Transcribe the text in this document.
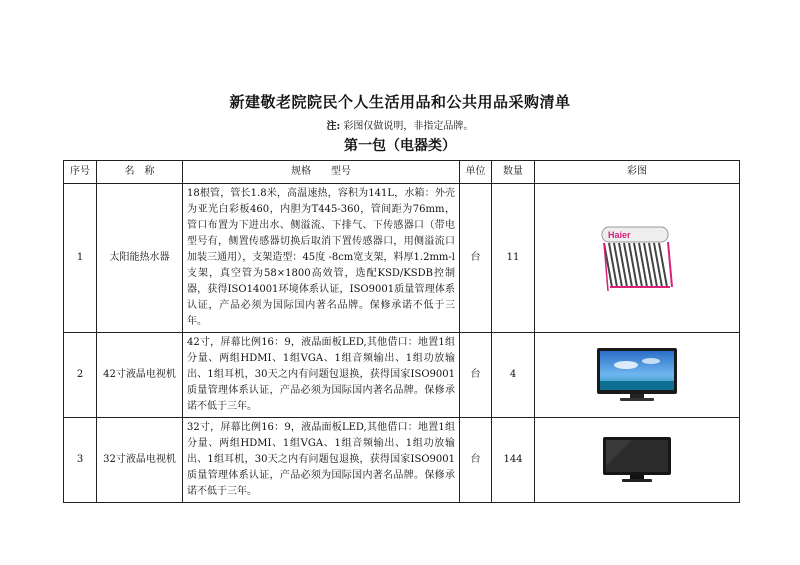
新建敬老院院民个人生活用品和公共用品采购清单
注: 彩图仅做说明，非指定品牌。
第一包（电器类）
序号	名　称	规格　　型号	单位	数量	彩图
1	太阳能热水器	18根管，管长1.8米，高温速热，容积为141L，水箱：外壳为亚光白彩板460，内胆为T445-360，管间距为76mm，管口布置为下进出水、侧溢流、下排气、下传感器口（带电型号有，侧置传感器切换后取消下置传感器口，用侧溢流口加装三通用），支架造型：45度 -8cm宽支架，料厚1.2mm-l支架，真空管为58×1800高效管，选配KSD/KSDB控制器，获得ISO14001环境体系认证，ISO9001质量管理体系认证，产品必须为国际国内著名品牌。保修承诺不低于三年。	台	11	Haier

2	42寸液晶电视机	42寸，屏幕比例16：9，液晶面板LED,其他借口：地置1组分量、两组HDMI、1组VGA、1组音频输出、1组功放输出、1组耳机，30天之内有问题包退换，获得国家ISO9001质量管理体系认证，产品必须为国际国内著名品牌。保修承诺不低于三年。	台	4	

3	32寸液晶电视机	32寸，屏幕比例16：9，液晶面板LED,其他借口：地置1组分量、两组HDMI、1组VGA、1组音频输出、1组功放输出、1组耳机，30天之内有问题包退换，获得国家ISO9001质量管理体系认证，产品必须为国际国内著名品牌。保修承诺不低于三年。	台	144	
